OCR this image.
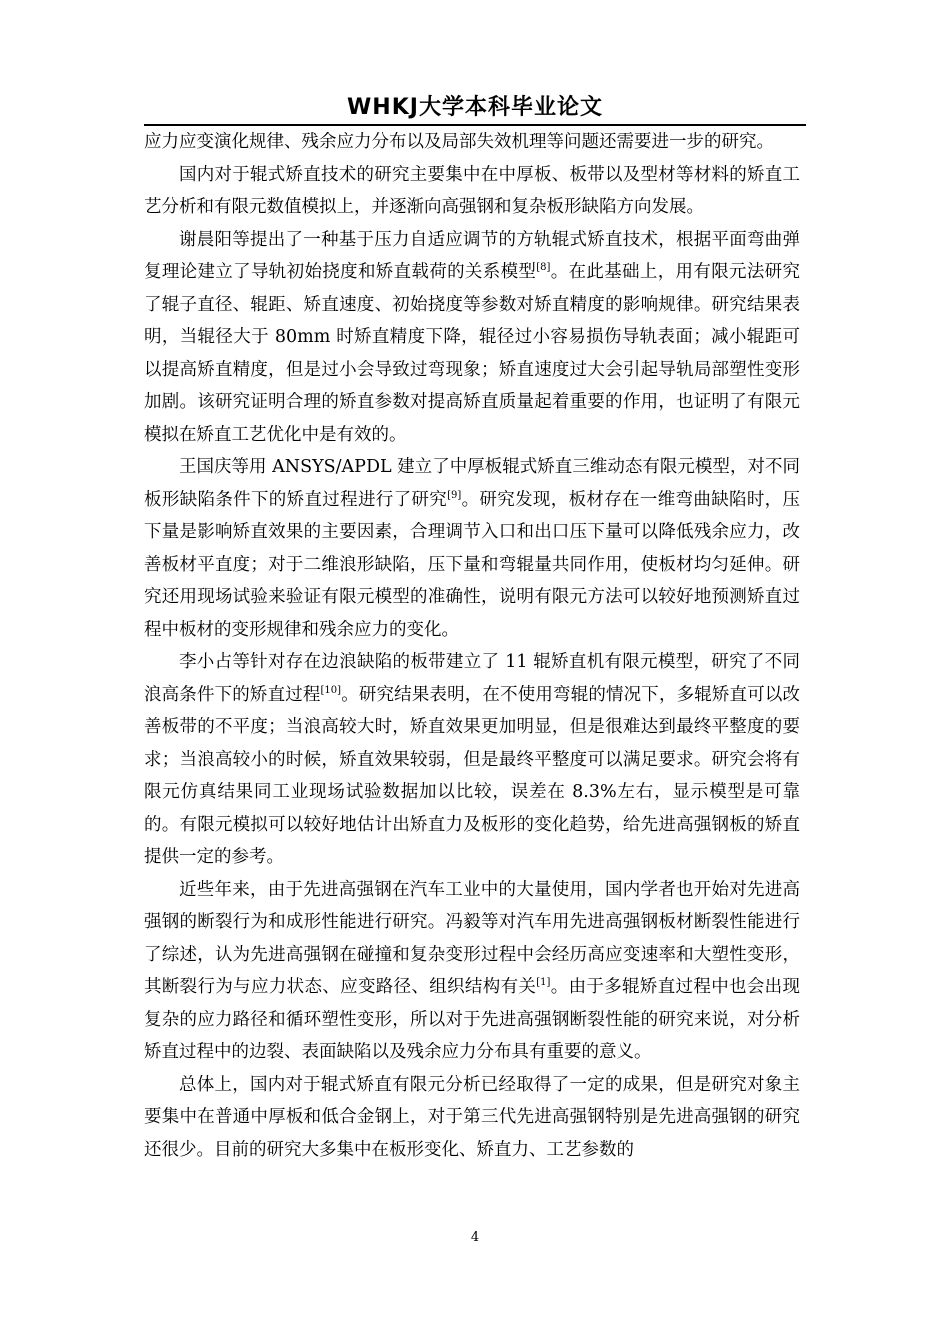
WHKJ大学本科毕业论文

应力应变演化规律、残余应力分布以及局部失效机理等问题还需要进一步的研究。

国内对于辊式矫直技术的研究主要集中在中厚板、板带以及型材等材料的矫直工艺分析和有限元数值模拟上，并逐渐向高强钢和复杂板形缺陷方向发展。

谢晨阳等提出了一种基于压力自适应调节的方轨辊式矫直技术，根据平面弯曲弹复理论建立了导轨初始挠度和矫直载荷的关系模型[8]。在此基础上，用有限元法研究了辊子直径、辊距、矫直速度、初始挠度等参数对矫直精度的影响规律。研究结果表明，当辊径大于 80mm 时矫直精度下降，辊径过小容易损伤导轨表面；减小辊距可以提高矫直精度，但是过小会导致过弯现象；矫直速度过大会引起导轨局部塑性变形加剧。该研究证明合理的矫直参数对提高矫直质量起着重要的作用，也证明了有限元模拟在矫直工艺优化中是有效的。

王国庆等用 ANSYS/APDL 建立了中厚板辊式矫直三维动态有限元模型，对不同板形缺陷条件下的矫直过程进行了研究[9]。研究发现，板材存在一维弯曲缺陷时，压下量是影响矫直效果的主要因素，合理调节入口和出口压下量可以降低残余应力，改善板材平直度；对于二维浪形缺陷，压下量和弯辊量共同作用，使板材均匀延伸。研究还用现场试验来验证有限元模型的准确性，说明有限元方法可以较好地预测矫直过程中板材的变形规律和残余应力的变化。

李小占等针对存在边浪缺陷的板带建立了 11 辊矫直机有限元模型，研究了不同浪高条件下的矫直过程[10]。研究结果表明，在不使用弯辊的情况下，多辊矫直可以改善板带的不平度；当浪高较大时，矫直效果更加明显，但是很难达到最终平整度的要求；当浪高较小的时候，矫直效果较弱，但是最终平整度可以满足要求。研究会将有限元仿真结果同工业现场试验数据加以比较，误差在 8.3%左右，显示模型是可靠的。有限元模拟可以较好地估计出矫直力及板形的变化趋势，给先进高强钢板的矫直提供一定的参考。

近些年来，由于先进高强钢在汽车工业中的大量使用，国内学者也开始对先进高强钢的断裂行为和成形性能进行研究。冯毅等对汽车用先进高强钢板材断裂性能进行了综述，认为先进高强钢在碰撞和复杂变形过程中会经历高应变速率和大塑性变形，其断裂行为与应力状态、应变路径、组织结构有关[1]。由于多辊矫直过程中也会出现复杂的应力路径和循环塑性变形，所以对于先进高强钢断裂性能的研究来说，对分析矫直过程中的边裂、表面缺陷以及残余应力分布具有重要的意义。

总体上，国内对于辊式矫直有限元分析已经取得了一定的成果，但是研究对象主要集中在普通中厚板和低合金钢上，对于第三代先进高强钢特别是先进高强钢的研究还很少。目前的研究大多集中在板形变化、矫直力、工艺参数的

4
